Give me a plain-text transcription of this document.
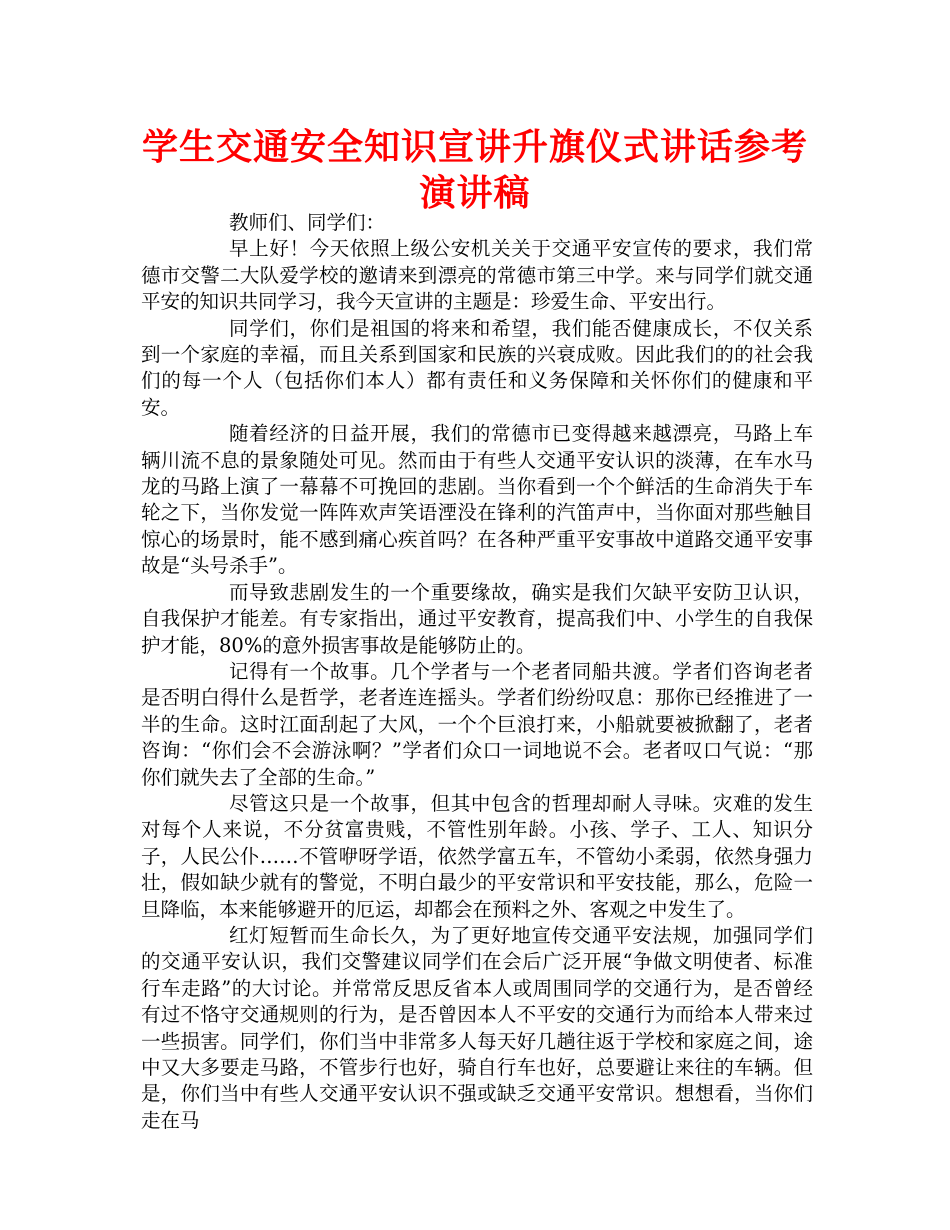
学生交通安全知识宣讲升旗仪式讲话参考
演讲稿

教师们、同学们：

早上好！今天依照上级公安机关关于交通平安宣传的要求，我们常德市交警二大队爱学校的邀请来到漂亮的常德市第三中学。来与同学们就交通平安的知识共同学习，我今天宣讲的主题是：珍爱生命、平安出行。

同学们，你们是祖国的将来和希望，我们能否健康成长，不仅关系到一个家庭的幸福，而且关系到国家和民族的兴衰成败。因此我们的的社会我们的每一个人（包括你们本人）都有责任和义务保障和关怀你们的健康和平安。

随着经济的日益开展，我们的常德市已变得越来越漂亮，马路上车辆川流不息的景象随处可见。然而由于有些人交通平安认识的淡薄，在车水马龙的马路上演了一幕幕不可挽回的悲剧。当你看到一个个鲜活的生命消失于车轮之下，当你发觉一阵阵欢声笑语湮没在锋利的汽笛声中，当你面对那些触目惊心的场景时，能不感到痛心疾首吗？在各种严重平安事故中道路交通平安事故是“头号杀手”。

而导致悲剧发生的一个重要缘故，确实是我们欠缺平安防卫认识，自我保护才能差。有专家指出，通过平安教育，提高我们中、小学生的自我保护才能，80%的意外损害事故是能够防止的。

记得有一个故事。几个学者与一个老者同船共渡。学者们咨询老者是否明白得什么是哲学，老者连连摇头。学者们纷纷叹息：那你已经推进了一半的生命。这时江面刮起了大风，一个个巨浪打来，小船就要被掀翻了，老者咨询：“你们会不会游泳啊？”学者们众口一词地说不会。老者叹口气说：“那你们就失去了全部的生命。”

尽管这只是一个故事，但其中包含的哲理却耐人寻味。灾难的发生对每个人来说，不分贫富贵贱，不管性别年龄。小孩、学子、工人、知识分子，人民公仆……不管咿呀学语，依然学富五车，不管幼小柔弱，依然身强力壮，假如缺少就有的警觉，不明白最少的平安常识和平安技能，那么，危险一旦降临，本来能够避开的厄运，却都会在预料之外、客观之中发生了。

红灯短暂而生命长久，为了更好地宣传交通平安法规，加强同学们的交通平安认识，我们交警建议同学们在会后广泛开展“争做文明使者、标准行车走路”的大讨论。并常常反思反省本人或周围同学的交通行为，是否曾经有过不恪守交通规则的行为，是否曾因本人不平安的交通行为而给本人带来过一些损害。同学们，你们当中非常多人每天好几趟往返于学校和家庭之间，途中又大多要走马路，不管步行也好，骑自行车也好，总要避让来往的车辆。但是，你们当中有些人交通平安认识不强或缺乏交通平安常识。想想看，当你们走在马
